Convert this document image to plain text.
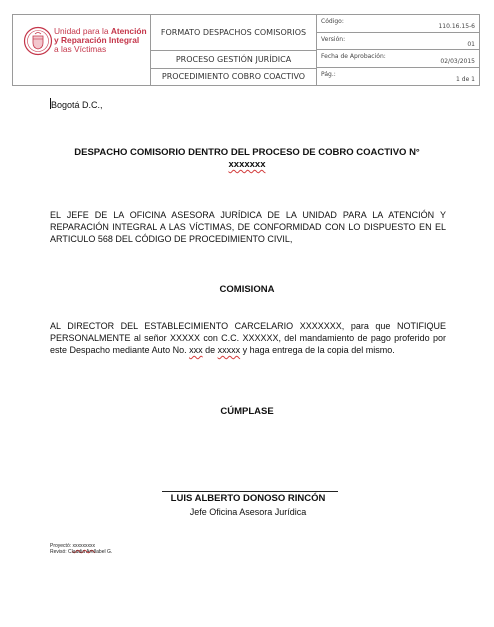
Unidad para la Atención
y Reparación Integral
a las Víctimas
FORMATO DESPACHOS COMISORIOS
PROCESO GESTIÓN JURÍDICA
PROCEDIMIENTO COBRO COACTIVO
Código:
110.16.15-6
Versión:
01
Fecha de Aprobación:
02/03/2015
Pág.:
1 de 1
Bogotá D.C.,
DESPACHO COMISORIO DENTRO DEL PROCESO DE COBRO COACTIVO N°
xxxxxxx
EL JEFE DE LA OFICINA ASESORA JURÍDICA DE LA UNIDAD PARA LA ATENCIÓN Y REPARACIÓN INTEGRAL A LAS VÍCTIMAS, DE CONFORMIDAD CON LO DISPUESTO EN EL ARTICULO 568 DEL CÓDIGO DE PROCEDIMIENTO CIVIL,
COMISIONA
AL DIRECTOR DEL ESTABLECIMIENTO CARCELARIO XXXXXXX, para que NOTIFIQUE PERSONALMENTE al señor XXXXX con C.C. XXXXXX, del mandamiento de pago proferido por este Despacho mediante Auto No. xxx de xxxxx y haga entrega de la copia del mismo.
CÚMPLASE
LUIS ALBERTO DONOSO RINCÓN
Jefe Oficina Asesora Jurídica
Proyectó: xxxxxxxxx
Revisó: Claudia Arellabel G.
